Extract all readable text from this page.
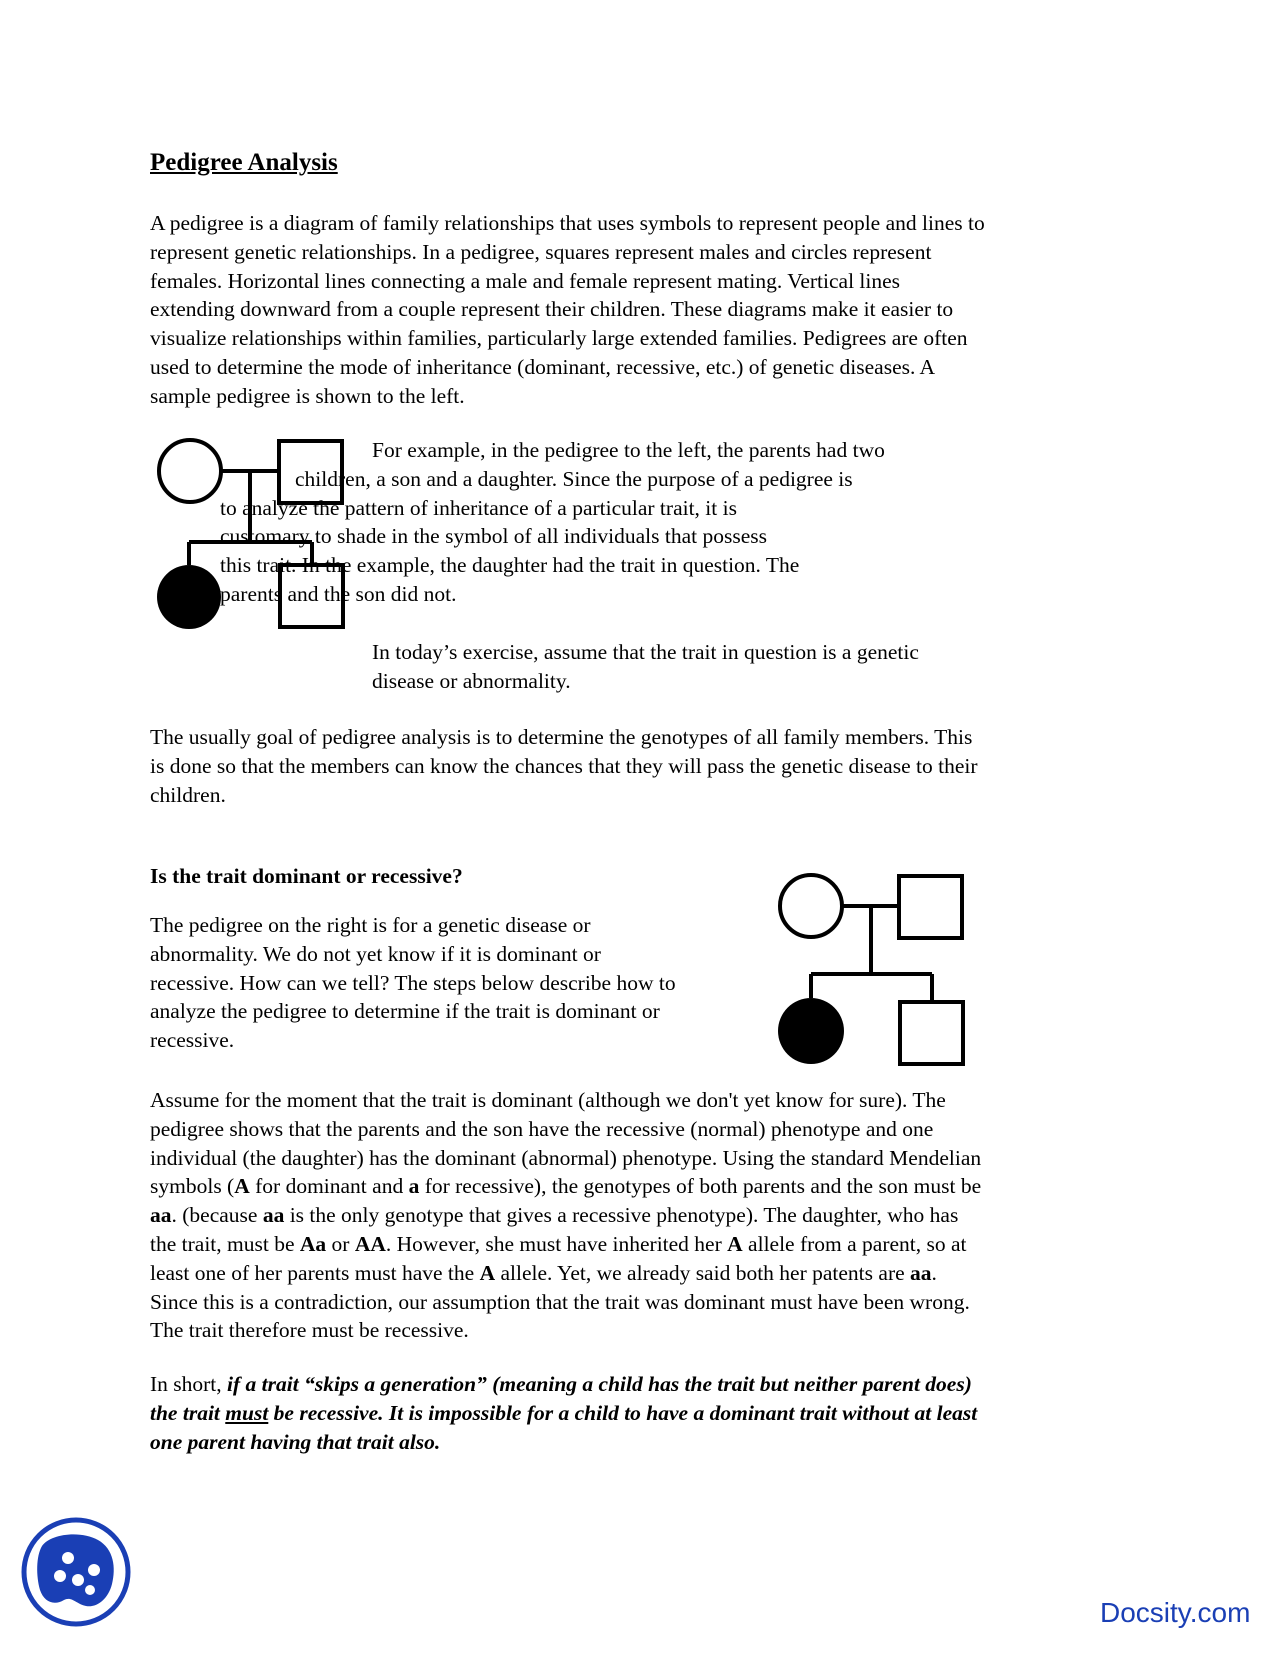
Pedigree Analysis
A pedigree is a diagram of family relationships that uses symbols to represent people and lines to
represent genetic relationships. In a pedigree, squares represent males and circles represent
females. Horizontal lines connecting a male and female represent mating. Vertical lines
extending downward from a couple represent their children. These diagrams make it easier to
visualize relationships within families, particularly large extended families. Pedigrees are often
used to determine the mode of inheritance (dominant, recessive, etc.) of genetic diseases. A
sample pedigree is shown to the left.
For example, in the pedigree to the left, the parents had two
children, a son and a daughter. Since the purpose of a pedigree is
to analyze the pattern of inheritance of a particular trait, it is
customary to shade in the symbol of all individuals that possess
this trait. In the example, the daughter had the trait in question. The
parents and the son did not.
In today’s exercise, assume that the trait in question is a genetic
disease or abnormality.
The usually goal of pedigree analysis is to determine the genotypes of all family members. This
is done so that the members can know the chances that they will pass the genetic disease to their
children.
Is the trait dominant or recessive?
The pedigree on the right is for a genetic disease or
abnormality. We do not yet know if it is dominant or
recessive. How can we tell? The steps below describe how to
analyze the pedigree to determine if the trait is dominant or
recessive.
Assume for the moment that the trait is dominant (although we don't yet know for sure). The
pedigree shows that the parents and the son have the recessive (normal) phenotype and one
individual (the daughter) has the dominant (abnormal) phenotype. Using the standard Mendelian
symbols (A for dominant and a for recessive), the genotypes of both parents and the son must be
aa. (because aa is the only genotype that gives a recessive phenotype). The daughter, who has
the trait, must be Aa or AA. However, she must have inherited her A allele from a parent, so at
least one of her parents must have the A allele. Yet, we already said both her patents are aa.
Since this is a contradiction, our assumption that the trait was dominant must have been wrong.
The trait therefore must be recessive.
In short, if a trait “skips a generation” (meaning a child has the trait but neither parent does)
the trait must be recessive. It is impossible for a child to have a dominant trait without at least
one parent having that trait also.
Docsity.com
